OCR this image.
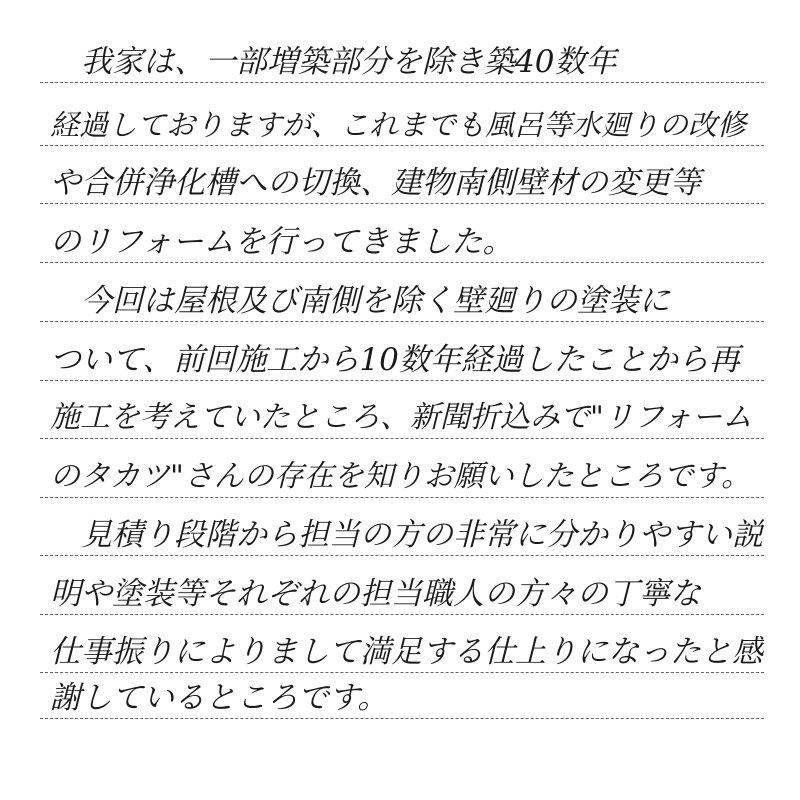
　我家は、一部増築部分を除き築40数年
経過しておりますが、これまでも風呂等水廻りの改修
や合併浄化槽への切換、建物南側壁材の変更等
のリフォームを行ってきました。
　今回は屋根及び南側を除く壁廻りの塗装に
ついて、前回施工から10数年経過したことから再
施工を考えていたところ、新聞折込みで"リフォーム
のタカツ"さんの存在を知りお願いしたところです。
　見積り段階から担当の方の非常に分かりやすい説
明や塗装等それぞれの担当職人の方々の丁寧な
仕事振りによりまして満足する仕上りになったと感
謝しているところです。
